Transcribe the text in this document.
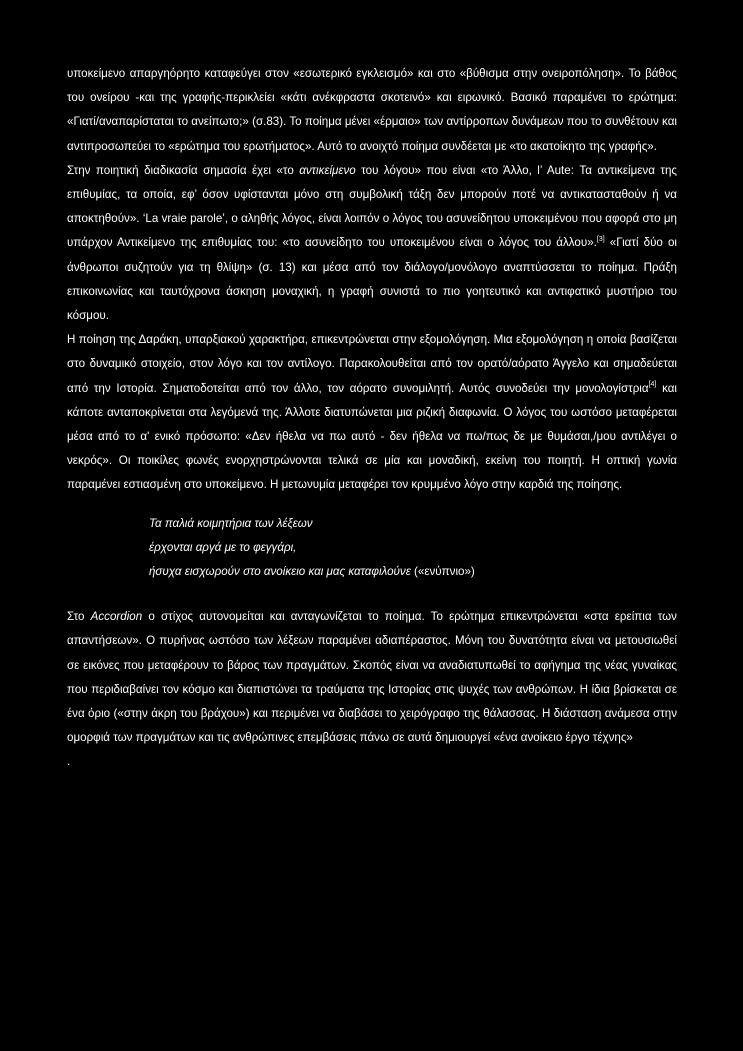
υποκείμενο απαργηόρητο καταφεύγει στον «εσωτερικό εγκλεισμό» και στο «βύθισμα στην ονειροπόληση». Το βάθος του ονείρου -και της γραφής-περικλείει «κάτι ανέκφραστα σκοτεινό» και ειρωνικό. Βασικό παραμένει το ερώτημα: «Γιατί/αναπαρίσταται το ανείπωτο;» (σ.83). Το ποίημα μένει «έρμαιο» των αντίρροπων δυνάμεων που το συνθέτουν και αντιπροσωπεύει το «ερώτημα του ερωτήματος». Αυτό το ανοιχτό ποίημα συνδέεται με «το ακατοίκητο της γραφής».

Στην ποιητική διαδικασία σημασία έχει «το αντικείμενο του λόγου» που είναι «το Άλλο, l’ Aute: Τα αντικείμενα της επιθυμίας, τα οποία, εφ’ όσον υφίστανται μόνο στη συμβολική τάξη δεν μπορούν ποτέ να αντικατασταθούν ή να αποκτηθούν». ‘La vraie parole’, ο αληθής λόγος, είναι λοιπόν ο λόγος του ασυνείδητου υποκειμένου που αφορά στο μη υπάρχον Αντικείμενο της επιθυμίας του: «το ασυνείδητο του υποκειμένου είναι ο λόγος του άλλου».[3] «Γιατί δύο οι άνθρωποι συζητούν για τη θλίψη» (σ. 13) και μέσα από τον διάλογο/μονόλογο αναπτύσσεται το ποίημα. Πράξη επικοινωνίας και ταυτόχρονα άσκηση μοναχική, η γραφή συνιστά το πιο γοητευτικό και αντιφατικό μυστήριο του κόσμου.

Η ποίηση της Δαράκη, υπαρξιακού χαρακτήρα, επικεντρώνεται στην εξομολόγηση. Μια εξομολόγηση η οποία βασίζεται στο δυναμικό στοιχείο, στον λόγο και τον αντίλογο. Παρακολουθείται από τον ορατό/αόρατο Άγγελο και σημαδεύεται από την Ιστορία. Σηματοδοτείται από τον άλλο, τον αόρατο συνομιλητή. Αυτός συνοδεύει την μονολογίστρια[4] και κάποτε ανταποκρίνεται στα λεγόμενά της. Άλλοτε διατυπώνεται μια ριζική διαφωνία. Ο λόγος του ωστόσο μεταφέρεται μέσα από το α' ενικό πρόσωπο: «Δεν ήθελα να πω αυτό - δεν ήθελα να πω/πως δε με θυμάσαι,/μου αντιλέγει ο νεκρός». Οι ποικίλες φωνές ενορχηστρώνονται τελικά σε μία και μοναδική, εκείνη του ποιητή. Η οπτική γωνία παραμένει εστιασμένη στο υποκείμενο. Η μετωνυμία μεταφέρει τον κρυμμένο λόγο στην καρδιά της ποίησης.

Τα παλιά κοιμητήρια των λέξεων
έρχονται αργά με το φεγγάρι,
ήσυχα εισχωρούν στο ανοίκειο και μας καταφιλούνε («ενύπνιο»)

Στο Accordion ο στίχος αυτονομείται και ανταγωνίζεται το ποίημα. Το ερώτημα επικεντρώνεται «στα ερείπια των απαντήσεων». Ο πυρήνας ωστόσο των λέξεων παραμένει αδιαπέραστος. Μόνη του δυνατότητα είναι να μετουσιωθεί σε εικόνες που μεταφέρουν το βάρος των πραγμάτων. Σκοπός είναι να αναδιατυπωθεί το αφήγημα της νέας γυναίκας που περιδιαβαίνει τον κόσμο και διαπιστώνει τα τραύματα της Ιστορίας στις ψυχές των ανθρώπων. Η ίδια βρίσκεται σε ένα όριο («στην άκρη του βράχου») και περιμένει να διαβάσει το χειρόγραφο της θάλασσας. Η διάσταση ανάμεσα στην ομορφιά των πραγμάτων και τις ανθρώπινες επεμβάσεις πάνω σε αυτά δημιουργεί «ένα ανοίκειο έργο τέχνης»

.
